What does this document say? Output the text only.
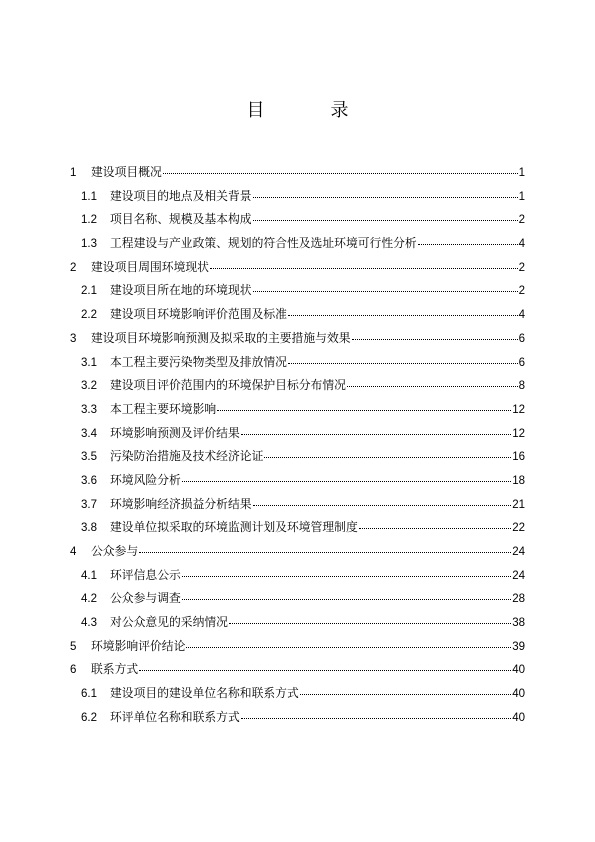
目　录
1	建设项目概况	1
1.1	建设项目的地点及相关背景	1
1.2	项目名称、规模及基本构成	2
1.3	工程建设与产业政策、规划的符合性及选址环境可行性分析	4
2	建设项目周围环境现状	2
2.1	建设项目所在地的环境现状	2
2.2	建设项目环境影响评价范围及标准	4
3	建设项目环境影响预测及拟采取的主要措施与效果	6
3.1	本工程主要污染物类型及排放情况	6
3.2	建设项目评价范围内的环境保护目标分布情况	8
3.3	本工程主要环境影响	12
3.4	环境影响预测及评价结果	12
3.5	污染防治措施及技术经济论证	16
3.6	环境风险分析	18
3.7	环境影响经济损益分析结果	21
3.8	建设单位拟采取的环境监测计划及环境管理制度	22
4	公众参与	24
4.1	环评信息公示	24
4.2	公众参与调查	28
4.3	对公众意见的采纳情况	38
5	环境影响评价结论	39
6	联系方式	40
6.1	建设项目的建设单位名称和联系方式	40
6.2	环评单位名称和联系方式	40
